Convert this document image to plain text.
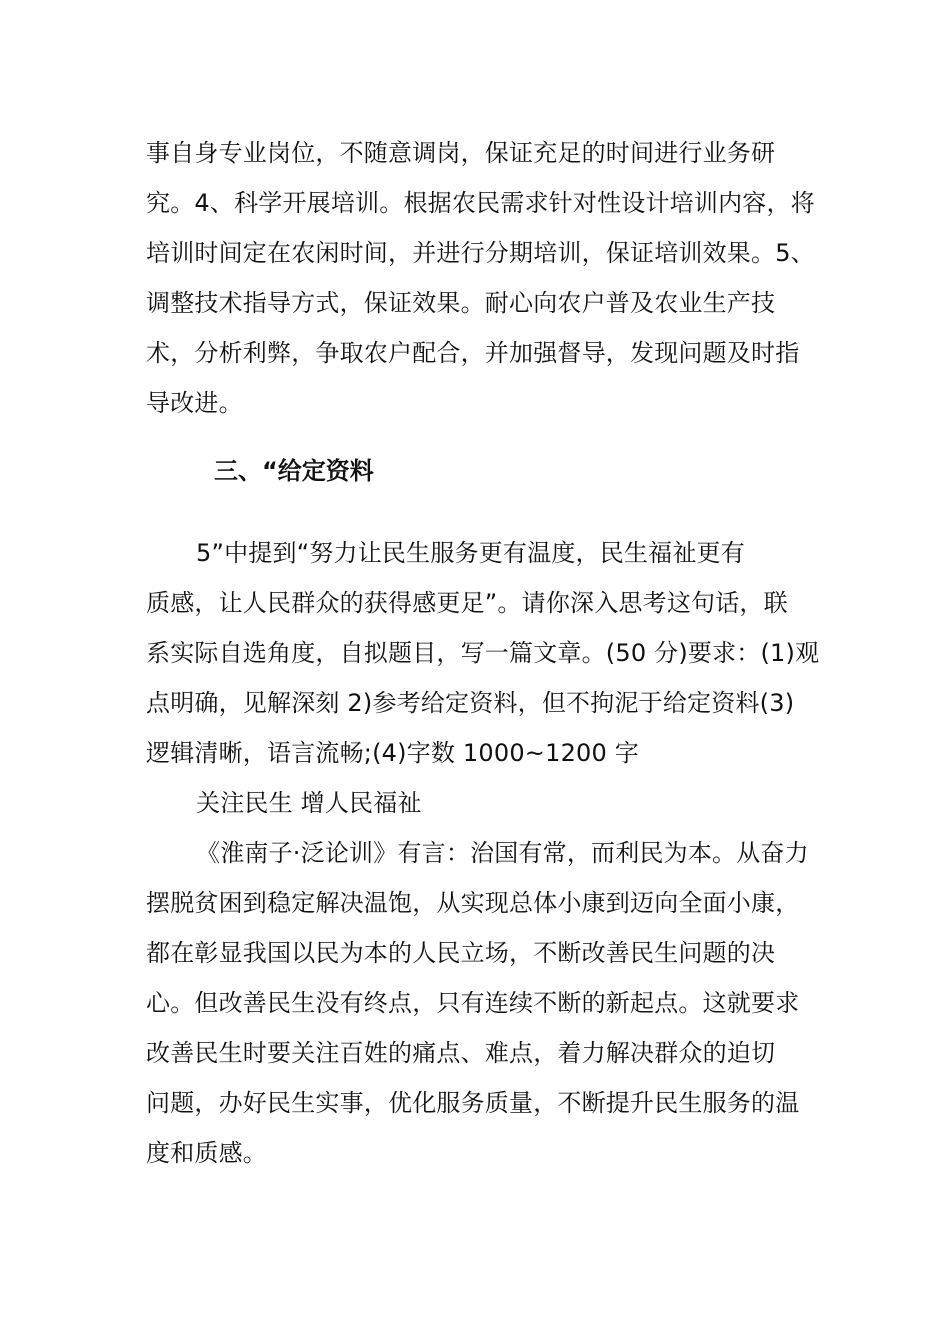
事自身专业岗位，不随意调岗，保证充足的时间进行业务研
究。4、科学开展培训。根据农民需求针对性设计培训内容，将
培训时间定在农闲时间，并进行分期培训，保证培训效果。5、
调整技术指导方式，保证效果。耐心向农户普及农业生产技
术，分析利弊，争取农户配合，并加强督导，发现问题及时指
导改进。
三、“给定资料
5”中提到“努力让民生服务更有温度，民生福祉更有
质感，让人民群众的获得感更足”。请你深入思考这句话，联
系实际自选角度，自拟题目，写一篇文章。(50 分)要求：(1)观
点明确，见解深刻 2)参考给定资料，但不拘泥于给定资料(3)
逻辑清晰，语言流畅;(4)字数 1000~1200 字
关注民生 增人民福祉
《淮南子·泛论训》有言：治国有常，而利民为本。从奋力
摆脱贫困到稳定解决温饱，从实现总体小康到迈向全面小康，
都在彰显我国以民为本的人民立场，不断改善民生问题的决
心。但改善民生没有终点，只有连续不断的新起点。这就要求
改善民生时要关注百姓的痛点、难点，着力解决群众的迫切
问题，办好民生实事，优化服务质量，不断提升民生服务的温
度和质感。
